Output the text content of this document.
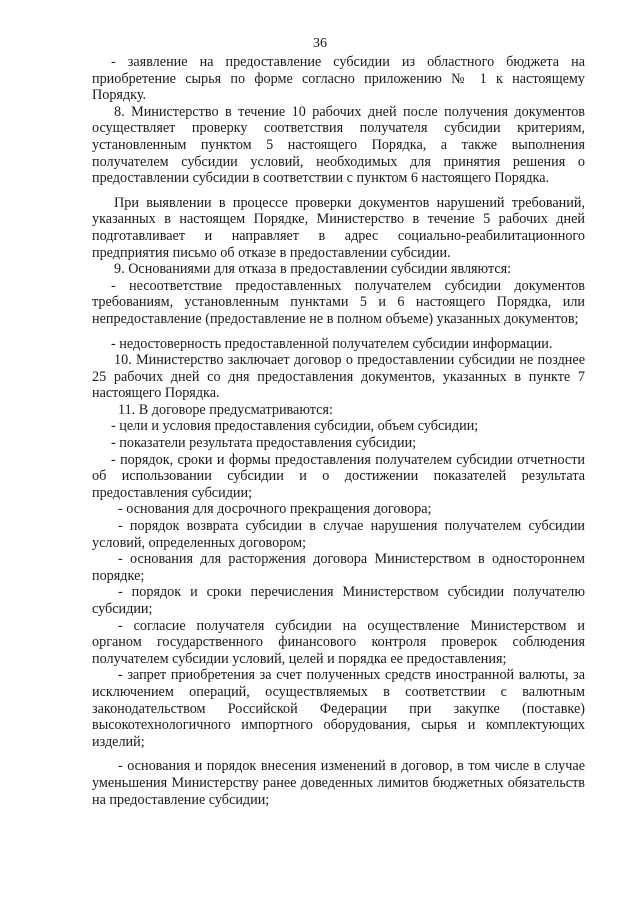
36

- заявление на предоставление субсидии из областного бюджета на приобретение сырья по форме согласно приложению № 1 к настоящему Порядку.

8. Министерство в течение 10 рабочих дней после получения документов осуществляет проверку соответствия получателя субсидии критериям, установленным пунктом 5 настоящего Порядка, а также выполнения получателем субсидии условий, необходимых для принятия решения о предоставлении субсидии в соответствии с пунктом 6 настоящего Порядка.

При выявлении в процессе проверки документов нарушений требований, указанных в настоящем Порядке, Министерство в течение 5 рабочих дней подготавливает и направляет в адрес социально-реабилитационного предприятия письмо об отказе в предоставлении субсидии.

9. Основаниями для отказа в предоставлении субсидии являются:

- несоответствие предоставленных получателем субсидии документов требованиям, установленным пунктами 5 и 6 настоящего Порядка, или непредоставление (предоставление не в полном объеме) указанных документов;

- недостоверность предоставленной получателем субсидии информации.

10. Министерство заключает договор о предоставлении субсидии не позднее 25 рабочих дней со дня предоставления документов, указанных в пункте 7 настоящего Порядка.

11. В договоре предусматриваются:

- цели и условия предоставления субсидии, объем субсидии;

- показатели результата предоставления субсидии;

- порядок, сроки и формы предоставления получателем субсидии отчетности об использовании субсидии и о достижении показателей результата предоставления субсидии;

- основания для досрочного прекращения договора;

- порядок возврата субсидии в случае нарушения получателем субсидии условий, определенных договором;

- основания для расторжения договора Министерством в одностороннем порядке;

- порядок и сроки перечисления Министерством субсидии получателю субсидии;

- согласие получателя субсидии на осуществление Министерством и органом государственного финансового контроля проверок соблюдения получателем субсидии условий, целей и порядка ее предоставления;

- запрет приобретения за счет полученных средств иностранной валюты, за исключением операций, осуществляемых в соответствии с валютным законодательством Российской Федерации при закупке (поставке) высокотехнологичного импортного оборудования, сырья и комплектующих изделий;

- основания и порядок внесения изменений в договор, в том числе в случае уменьшения Министерству ранее доведенных лимитов бюджетных обязательств на предоставление субсидии;
